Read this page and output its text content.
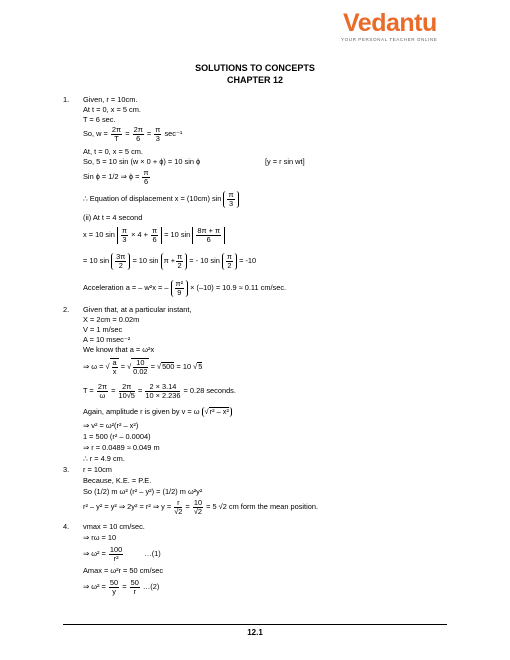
Vedantu
YOUR PERSONAL TEACHER ONLINE
SOLUTIONS TO CONCEPTS
CHAPTER 12
1. Given, r = 10cm.
At t = 0, x = 5 cm.
T = 6 sec.
So, $w = \frac{2\pi}{T} = \frac{2\pi}{6} = \frac{\pi}{3} \sec^{-1}$
At, t = 0, x = 5 cm.
So, 5 = 10 sin (w × 0 + ϕ) = 10 sin ϕ	[y = r sin wt]
Sin ϕ = 1/2 ⇒ $\phi = \frac{\pi}{6}$
∴ Equation of displacement x = (10cm) $\sin \frac{\pi}{3}$
(ii) At t = 4 second
x = 10 $\sin \frac{\pi}{3} \times 4 + \frac{\pi}{6} = 10$ $\sin \frac{8\pi + \pi}{6}$
= 10 $\sin \frac{3\pi}{2} = 10$ $\sin \pi + \frac{\pi}{2}$ = - 10 $\sin \frac{\pi}{2} = -10$
Acceleration a = – w²x = – $\frac{\text{π²}}{9} \times (-10) = 10.9 \approx 0.11$ cm/sec.
2. Given that, at a particular instant,
X = 2cm = 0.02m
V = 1 m/sec
A = 10 msec⁻²
We know that a = ω²x
⇒ ω = √ $\frac{a}{x}$ = √ $\frac{10}{0.02} = √500 = 10$ √5
$T = \frac{2\pi}{\omega} = \frac{2\pi}{10√5} = \frac{2 \times 3.14}{10 \times 2.236} = 0.28$ seconds.
Again, amplitude r is given by v = ω √r² – x²
⇒ v² = ω²(r² – x²)
1 = 500 (r² – 0.0004)
⇒ r = 0.0489 ≈ 0.049 m
∴ r = 4.9 cm.
3. r = 10cm
Because, K.E. = P.E.
So (1/2) m ω² (r² – y²) = (1/2) m ω²y²
r² – y² = y² ⇒ 2y² = r² ⇒ $y = \frac{r}{√2} = \frac{10}{√2} = 5$ √2 cm form the mean position.
4. vmax = 10 cm/sec.
⇒ rω = 10
⇒ $\omega^2 = \frac{100}{\text{r²}}$	…(1)
Amax = ω²r = 50 cm/sec
⇒ $\omega^2 = \frac{50}{y} = \frac{50}{r}$ …(2)
12.1
